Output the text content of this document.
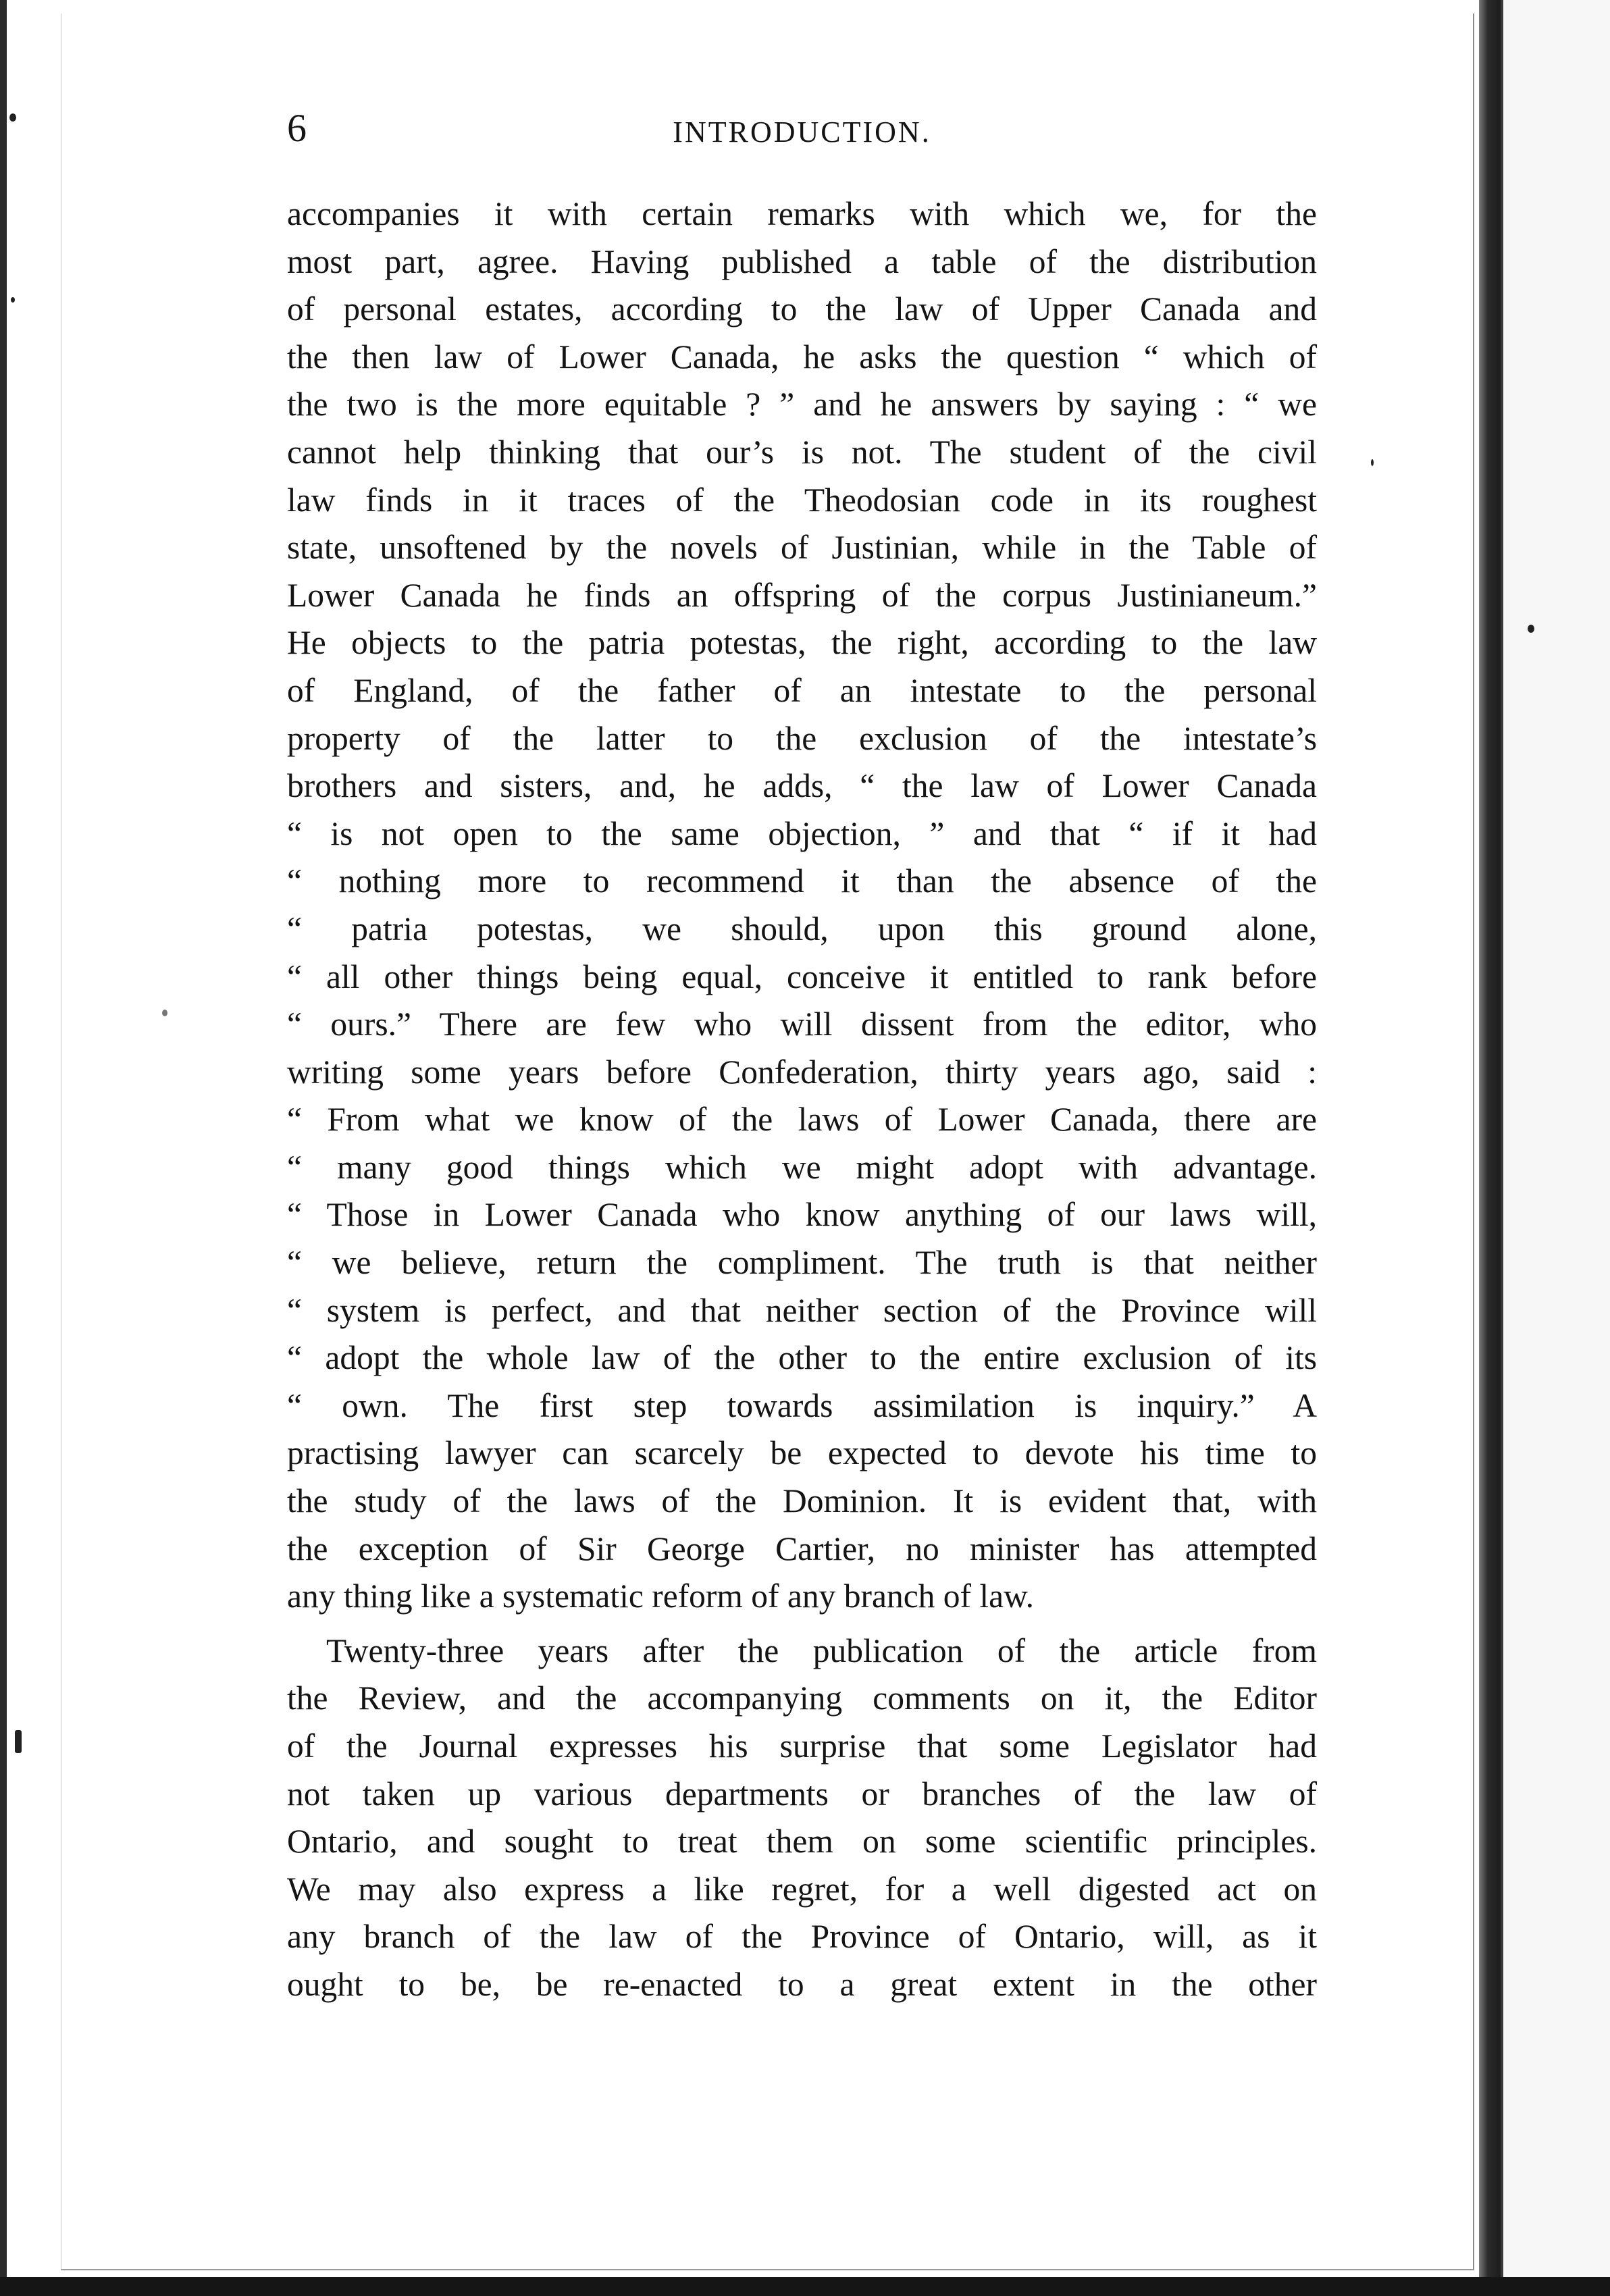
6	INTRODUCTION.
accompanies it with certain remarks with which we, for the
most part, agree. Having published a table of the distribution
of personal estates, according to the law of Upper Canada and
the then law of Lower Canada, he asks the question “ which of
the two is the more equitable ? ” and he answers by saying : “ we
cannot help thinking that our’s is not. The student of the civil
law finds in it traces of the Theodosian code in its roughest
state, unsoftened by the novels of Justinian, while in the Table of
Lower Canada he finds an offspring of the corpus Justinianeum.”
He objects to the patria potestas, the right, according to the law
of England, of the father of an intestate to the personal
property of the latter to the exclusion of the intestate’s
brothers and sisters, and, he adds, “ the law of Lower Canada
“ is not open to the same objection, ” and that “ if it had
“ nothing more to recommend it than the absence of the
“ patria potestas, we should, upon this ground alone,
“ all other things being equal, conceive it entitled to rank before
“ ours.” There are few who will dissent from the editor, who
writing some years before Confederation, thirty years ago, said :
“ From what we know of the laws of Lower Canada, there are
“ many good things which we might adopt with advantage.
“ Those in Lower Canada who know anything of our laws will,
“ we believe, return the compliment. The truth is that neither
“ system is perfect, and that neither section of the Province will
“ adopt the whole law of the other to the entire exclusion of its
“ own. The first step towards assimilation is inquiry.” A
practising lawyer can scarcely be expected to devote his time to
the study of the laws of the Dominion. It is evident that, with
the exception of Sir George Cartier, no minister has attempted
any thing like a systematic reform of any branch of law.
Twenty-three years after the publication of the article from
the Review, and the accompanying comments on it, the Editor
of the Journal expresses his surprise that some Legislator had
not taken up various departments or branches of the law of
Ontario, and sought to treat them on some scientific principles.
We may also express a like regret, for a well digested act on
any branch of the law of the Province of Ontario, will, as it
ought to be, be re-enacted to a great extent in the other
